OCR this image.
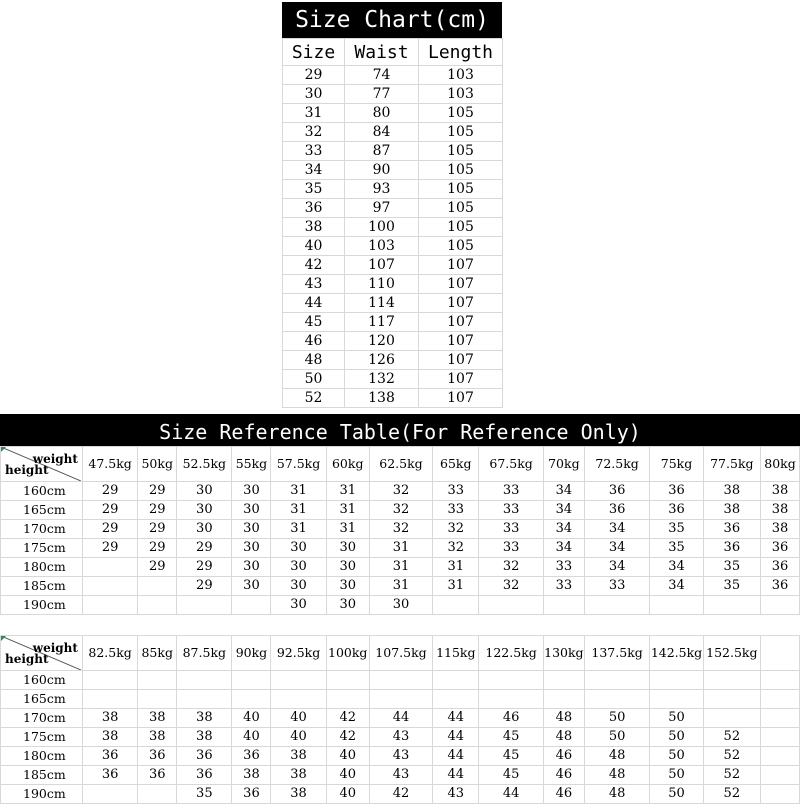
Size Chart(cm)
Size	Waist	Length
29	74	103
30	77	103
31	80	105
32	84	105
33	87	105
34	90	105
35	93	105
36	97	105
38	100	105
40	103	105
42	107	107
43	110	107
44	114	107
45	117	107
46	120	107
48	126	107
50	132	107
52	138	107
Size Reference Table(For Reference Only)
weight
height	47.5kg	50kg	52.5kg	55kg	57.5kg	60kg	62.5kg	65kg	67.5kg	70kg	72.5kg	75kg	77.5kg	80kg
160cm	29	29	30	30	31	31	32	33	33	34	36	36	38	38
165cm	29	29	30	30	31	31	32	33	33	34	36	36	38	38
170cm	29	29	30	30	31	31	32	32	33	34	34	35	36	38
175cm	29	29	29	30	30	30	31	32	33	34	34	35	36	36
180cm		29	29	30	30	30	31	31	32	33	34	34	35	36
185cm			29	30	30	30	31	31	32	33	33	34	35	36
190cm					30	30	30							
weight
height	82.5kg	85kg	87.5kg	90kg	92.5kg	100kg	107.5kg	115kg	122.5kg	130kg	137.5kg	142.5kg	152.5kg	
160cm														
165cm														
170cm	38	38	38	40	40	42	44	44	46	48	50	50		
175cm	38	38	38	40	40	42	43	44	45	48	50	50	52	
180cm	36	36	36	36	38	40	43	44	45	46	48	50	52	
185cm	36	36	36	38	38	40	43	44	45	46	48	50	52	
190cm			35	36	38	40	42	43	44	46	48	50	52	
